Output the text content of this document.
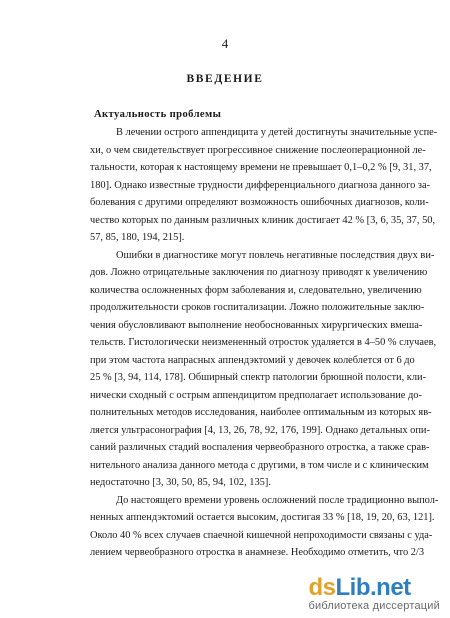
4
ВВЕДЕНИЕ
Актуальность проблемы

В лечении острого аппендицита у детей достигнуты значительные успе-
хи, о чем свидетельствует прогрессивное снижение послеоперационной ле-
тальности, которая к настоящему времени не превышает 0,1–0,2 % [9, 31, 37,
180]. Однако известные трудности дифференциального диагноза данного за-
болевания с другими определяют возможность ошибочных диагнозов, коли-
чество которых по данным различных клиник достигает 42 % [3, 6, 35, 37, 50,
57, 85, 180, 194, 215].

Ошибки в диагностике могут повлечь негативные последствия двух ви-
дов. Ложно отрицательные заключения по диагнозу приводят к увеличению
количества осложненных форм заболевания и, следовательно, увеличению
продолжительности сроков госпитализации. Ложно положительные заклю-
чения обусловливают выполнение необоснованных хирургических вмеша-
тельств. Гистологически неизмененный отросток удаляется в 4–50 % случаев,
при этом частота напрасных аппендэктомий у девочек колеблется от 6 до
25 % [3, 94, 114, 178]. Обширный спектр патологии брюшной полости, кли-
нически сходный с острым аппендицитом предполагает использование до-
полнительных методов исследования, наиболее оптимальным из которых яв-
ляется ультрасонография [4, 13, 26, 78, 92, 176, 199]. Однако детальных опи-
саний различных стадий воспаления червеобразного отростка, а также срав-
нительного анализа данного метода с другими, в том числе и с клиническим
недостаточно [3, 30, 50, 85, 94, 102, 135].

До настоящего времени уровень осложнений после традиционно выпол-
ненных аппендэктомий остается высоким, достигая 33 % [18, 19, 20, 63, 121].
Около 40 % всех случаев спаечной кишечной непроходимости связаны с уда-
лением червеобразного отростка в анамнезе. Необходимо отметить, что 2/3

dsLib.net
библиотека диссертаций
